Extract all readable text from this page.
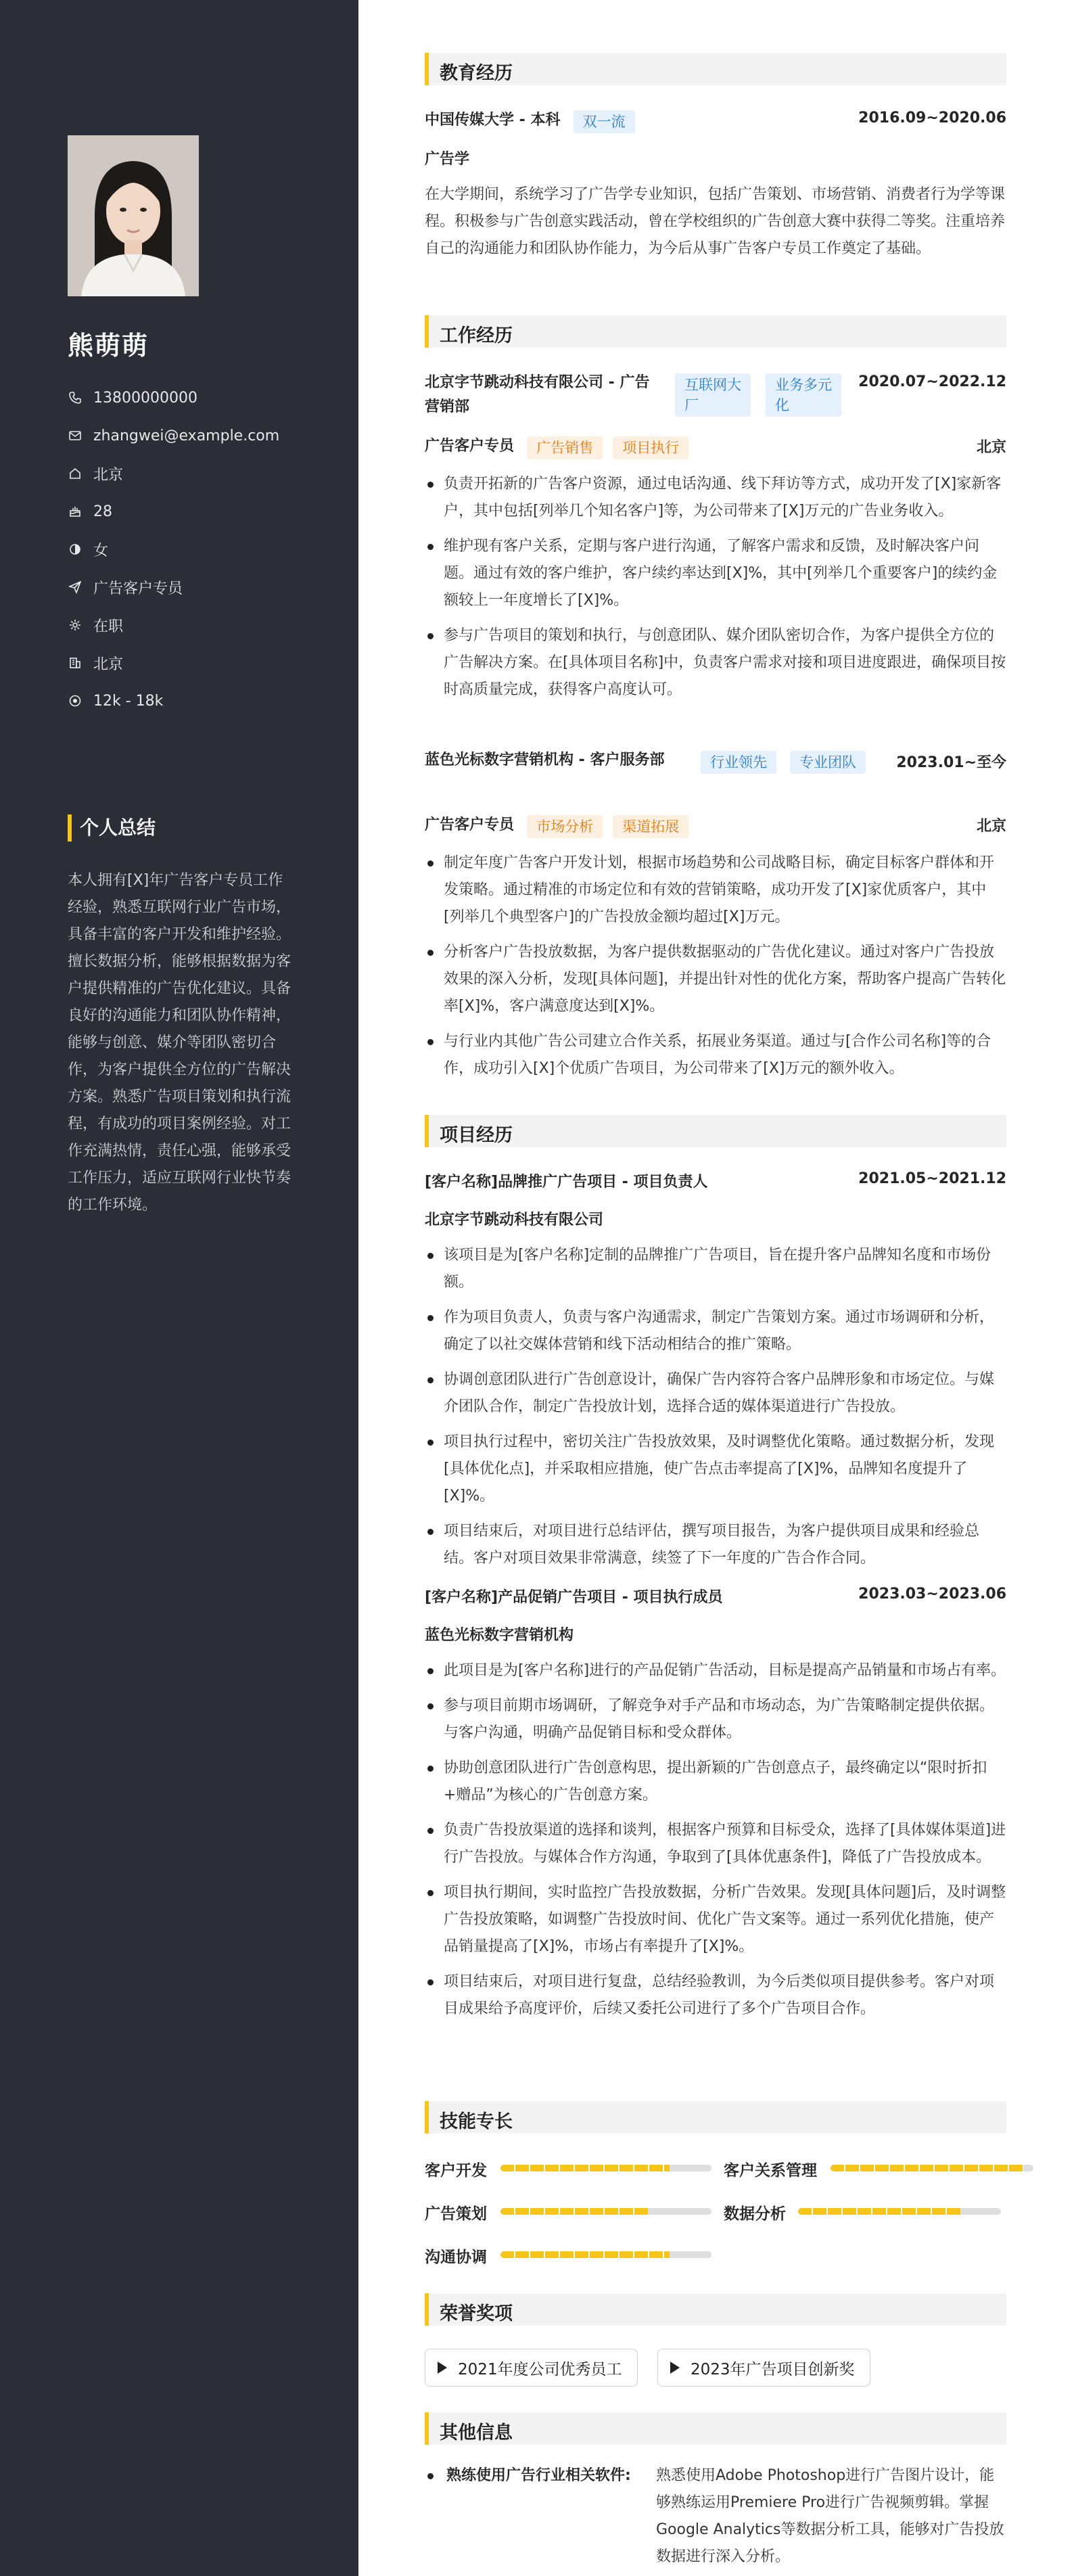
熊萌萌
13800000000
zhangwei@example.com
北京
28
女
广告客户专员
在职
北京
12k - 18k
个人总结
本人拥有[X]年广告客户专员工作经验，熟悉互联网行业广告市场，具备丰富的客户开发和维护经验。擅长数据分析，能够根据数据为客户提供精准的广告优化建议。具备良好的沟通能力和团队协作精神，能够与创意、媒介等团队密切合作，为客户提供全方位的广告解决方案。熟悉广告项目策划和执行流程，有成功的项目案例经验。对工作充满热情，责任心强，能够承受工作压力，适应互联网行业快节奏的工作环境。
教育经历
中国传媒大学 - 本科 双一流	2016.09~2020.06
广告学
在大学期间，系统学习了广告学专业知识，包括广告策划、市场营销、消费者行为学等课程。积极参与广告创意实践活动，曾在学校组织的广告创意大赛中获得二等奖。注重培养自己的沟通能力和团队协作能力，为今后从事广告客户专员工作奠定了基础。
工作经历
北京字节跳动科技有限公司 - 广告营销部
互联网大厂
业务多元化
2020.07~2022.12
广告客户专员 广告销售 项目执行	北京
负责开拓新的广告客户资源，通过电话沟通、线下拜访等方式，成功开发了[X]家新客户，其中包括[列举几个知名客户]等，为公司带来了[X]万元的广告业务收入。
维护现有客户关系，定期与客户进行沟通，了解客户需求和反馈，及时解决客户问题。通过有效的客户维护，客户续约率达到[X]%，其中[列举几个重要客户]的续约金额较上一年度增长了[X]%。
参与广告项目的策划和执行，与创意团队、媒介团队密切合作，为客户提供全方位的广告解决方案。在[具体项目名称]中，负责客户需求对接和项目进度跟进，确保项目按时高质量完成，获得客户高度认可。
蓝色光标数字营销机构 - 客户服务部	行业领先	专业团队	2023.01~至今
广告客户专员 市场分析 渠道拓展	北京
制定年度广告客户开发计划，根据市场趋势和公司战略目标，确定目标客户群体和开发策略。通过精准的市场定位和有效的营销策略，成功开发了[X]家优质客户，其中[列举几个典型客户]的广告投放金额均超过[X]万元。
分析客户广告投放数据，为客户提供数据驱动的广告优化建议。通过对客户广告投放效果的深入分析，发现[具体问题]，并提出针对性的优化方案，帮助客户提高广告转化率[X]%，客户满意度达到[X]%。
与行业内其他广告公司建立合作关系，拓展业务渠道。通过与[合作公司名称]等的合作，成功引入[X]个优质广告项目，为公司带来了[X]万元的额外收入。
项目经历
[客户名称]品牌推广广告项目 - 项目负责人	2021.05~2021.12
北京字节跳动科技有限公司
该项目是为[客户名称]定制的品牌推广广告项目，旨在提升客户品牌知名度和市场份额。
作为项目负责人，负责与客户沟通需求，制定广告策划方案。通过市场调研和分析，确定了以社交媒体营销和线下活动相结合的推广策略。
协调创意团队进行广告创意设计，确保广告内容符合客户品牌形象和市场定位。与媒介团队合作，制定广告投放计划，选择合适的媒体渠道进行广告投放。
项目执行过程中，密切关注广告投放效果，及时调整优化策略。通过数据分析，发现[具体优化点]，并采取相应措施，使广告点击率提高了[X]%，品牌知名度提升了[X]%。
项目结束后，对项目进行总结评估，撰写项目报告，为客户提供项目成果和经验总结。客户对项目效果非常满意，续签了下一年度的广告合作合同。
[客户名称]产品促销广告项目 - 项目执行成员	2023.03~2023.06
蓝色光标数字营销机构
此项目是为[客户名称]进行的产品促销广告活动，目标是提高产品销量和市场占有率。
参与项目前期市场调研，了解竞争对手产品和市场动态，为广告策略制定提供依据。与客户沟通，明确产品促销目标和受众群体。
协助创意团队进行广告创意构思，提出新颖的广告创意点子，最终确定以“限时折扣+赠品”为核心的广告创意方案。
负责广告投放渠道的选择和谈判，根据客户预算和目标受众，选择了[具体媒体渠道]进行广告投放。与媒体合作方沟通，争取到了[具体优惠条件]，降低了广告投放成本。
项目执行期间，实时监控广告投放数据，分析广告效果。发现[具体问题]后，及时调整广告投放策略，如调整广告投放时间、优化广告文案等。通过一系列优化措施，使产品销量提高了[X]%，市场占有率提升了[X]%。
项目结束后，对项目进行复盘，总结经验教训，为今后类似项目提供参考。客户对项目成果给予高度评价，后续又委托公司进行了多个广告项目合作。
技能专长
客户开发	客户关系管理
广告策划	数据分析
沟通协调
荣誉奖项
2021年度公司优秀员工	2023年广告项目创新奖
其他信息
熟练使用广告行业相关软件: 熟悉使用Adobe Photoshop进行广告图片设计，能够熟练运用Premiere Pro进行广告视频剪辑。掌握Google Analytics等数据分析工具，能够对广告投放数据进行深入分析。
